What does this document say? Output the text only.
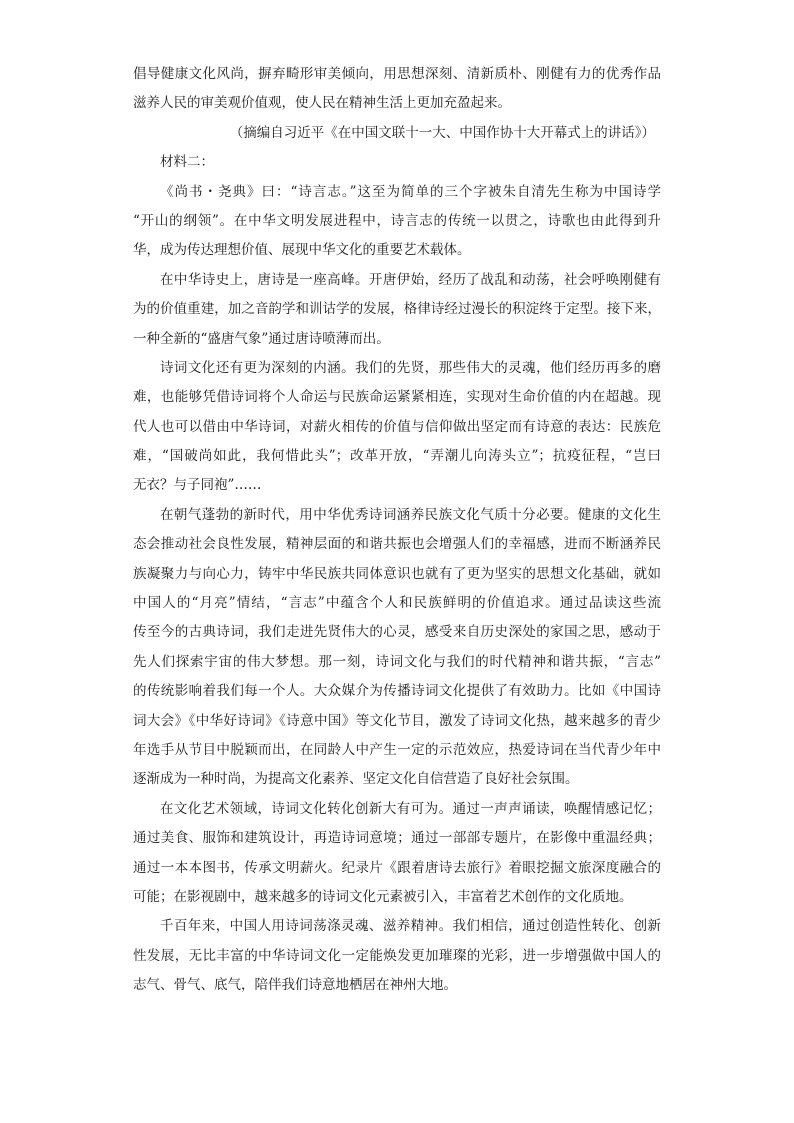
倡导健康文化风尚，摒弃畸形审美倾向，用思想深刻、清新质朴、刚健有力的优秀作品
滋养人民的审美观价值观，使人民在精神生活上更加充盈起来。
（摘编自习近平《在中国文联十一大、中国作协十大开幕式上的讲话》）
材料二：
《尚书・尧典》曰：“诗言志。”这至为简单的三个字被朱自清先生称为中国诗学
“开山的纲领”。在中华文明发展进程中，诗言志的传统一以贯之，诗歌也由此得到升
华，成为传达理想价值、展现中华文化的重要艺术载体。
在中华诗史上，唐诗是一座高峰。开唐伊始，经历了战乱和动荡，社会呼唤刚健有
为的价值重建，加之音韵学和训诂学的发展，格律诗经过漫长的积淀终于定型。接下来，
一种全新的“盛唐气象”通过唐诗喷薄而出。
诗词文化还有更为深刻的内涵。我们的先贤，那些伟大的灵魂，他们经历再多的磨
难，也能够凭借诗词将个人命运与民族命运紧紧相连，实现对生命价值的内在超越。现
代人也可以借由中华诗词，对薪火相传的价值与信仰做出坚定而有诗意的表达：民族危
难，“国破尚如此，我何惜此头”；改革开放，“弄潮儿向涛头立”；抗疫征程，“岂曰
无衣？与子同袍”……
在朝气蓬勃的新时代，用中华优秀诗词涵养民族文化气质十分必要。健康的文化生
态会推动社会良性发展，精神层面的和谐共振也会增强人们的幸福感，进而不断涵养民
族凝聚力与向心力，铸牢中华民族共同体意识也就有了更为坚实的思想文化基础，就如
中国人的“月亮”情结，“言志”中蕴含个人和民族鲜明的价值追求。通过品读这些流
传至今的古典诗词，我们走进先贤伟大的心灵，感受来自历史深处的家国之思，感动于
先人们探索宇宙的伟大梦想。那一刻，诗词文化与我们的时代精神和谐共振，“言志”
的传统影响着我们每一个人。大众媒介为传播诗词文化提供了有效助力。比如《中国诗
词大会》《中华好诗词》《诗意中国》等文化节目，激发了诗词文化热，越来越多的青少
年选手从节目中脱颖而出，在同龄人中产生一定的示范效应，热爱诗词在当代青少年中
逐渐成为一种时尚，为提高文化素养、坚定文化自信营造了良好社会氛围。
在文化艺术领域，诗词文化转化创新大有可为。通过一声声诵读，唤醒情感记忆；
通过美食、服饰和建筑设计，再造诗词意境；通过一部部专题片，在影像中重温经典；
通过一本本图书，传承文明薪火。纪录片《跟着唐诗去旅行》着眼挖掘文旅深度融合的
可能；在影视剧中，越来越多的诗词文化元素被引入，丰富着艺术创作的文化质地。
千百年来，中国人用诗词荡涤灵魂、滋养精神。我们相信，通过创造性转化、创新
性发展，无比丰富的中华诗词文化一定能焕发更加璀璨的光彩，进一步增强做中国人的
志气、骨气、底气，陪伴我们诗意地栖居在神州大地。
